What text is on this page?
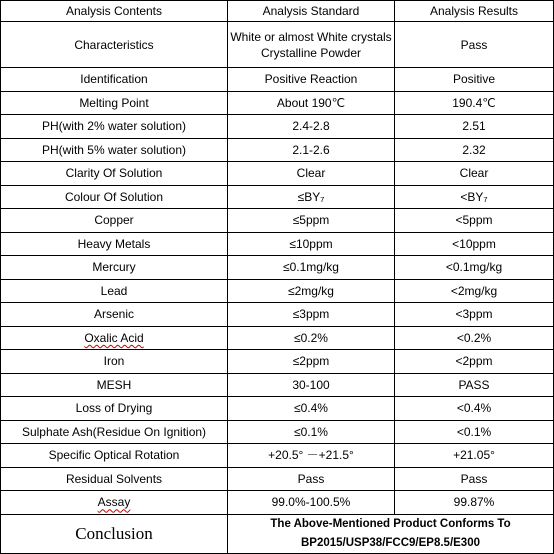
Analysis Contents	Analysis Standard	Analysis Results
Characteristics	White or almost White crystals Crystalline Powder	Pass
Identification	Positive Reaction	Positive
Melting Point	About 190℃	190.4℃
PH(with 2% water solution)	2.4-2.8	2.51
PH(with 5% water solution)	2.1-2.6	2.32
Clarity Of Solution	Clear	Clear
Colour Of Solution	≤BY₇	<BY₇
Copper	≤5ppm	<5ppm
Heavy Metals	≤10ppm	<10ppm
Mercury	≤0.1mg/kg	<0.1mg/kg
Lead	≤2mg/kg	<2mg/kg
Arsenic	≤3ppm	<3ppm
Oxalic Acid	≤0.2%	<0.2%
Iron	≤2ppm	<2ppm
MESH	30-100	PASS
Loss of Drying	≤0.4%	<0.4%
Sulphate Ash(Residue On Ignition)	≤0.1%	<0.1%
Specific Optical Rotation	+20.5° －+21.5°	+21.05°
Residual Solvents	Pass	Pass
Assay	99.0%-100.5%	99.87%
Conclusion	The Above-Mentioned Product Conforms To
BP2015/USP38/FCC9/EP8.5/E300	
